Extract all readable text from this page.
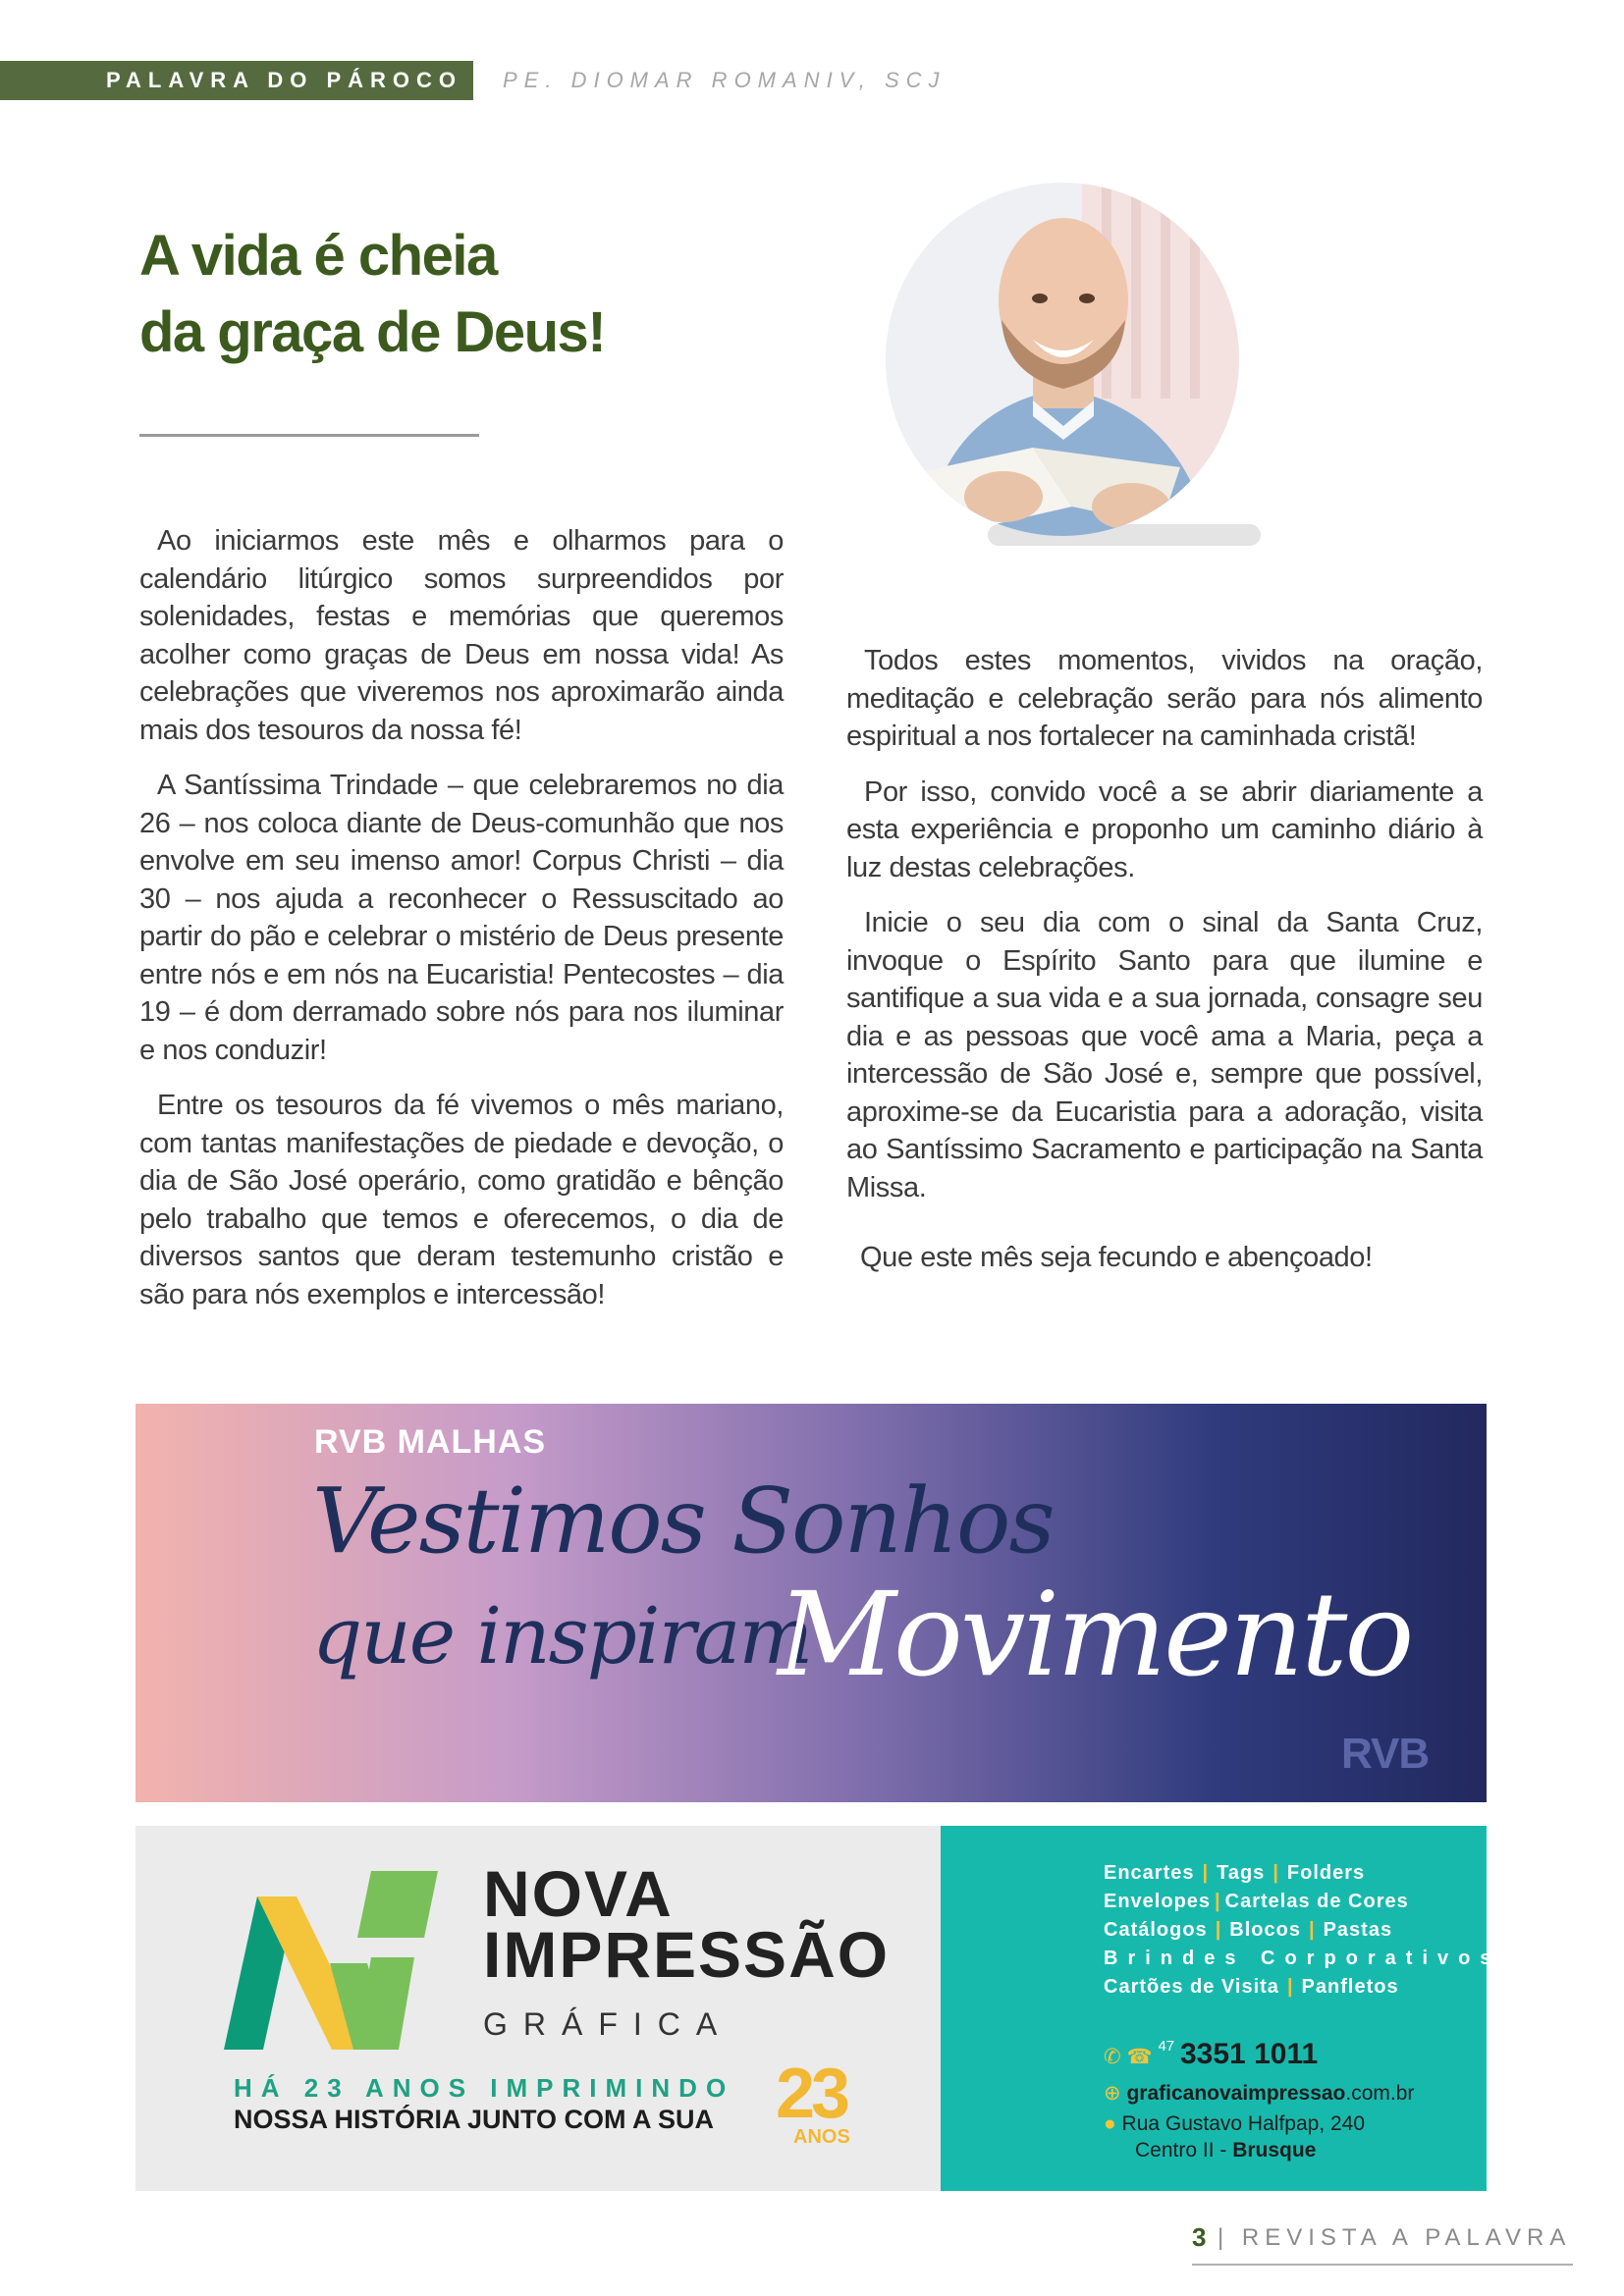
PALAVRA DO PÁROCO PE. DIOMAR ROMANIV, SCJ
A vida é cheia
da graça de Deus!

Ao iniciarmos este mês e olharmos para o calendário litúrgico somos surpreendidos por solenidades, festas e memórias que queremos acolher como graças de Deus em nossa vida! As celebrações que viveremos nos aproximarão ainda mais dos tesouros da nossa fé!

A Santíssima Trindade – que celebraremos no dia 26 – nos coloca diante de Deus-comunhão que nos envolve em seu imenso amor! Corpus Christi – dia 30 – nos ajuda a reconhecer o Ressuscitado ao partir do pão e celebrar o mistério de Deus presente entre nós e em nós na Eucaristia! Pentecostes – dia 19 – é dom derramado sobre nós para nos iluminar e nos conduzir!

Entre os tesouros da fé vivemos o mês mariano, com tantas manifestações de piedade e devoção, o dia de São José operário, como gratidão e bênção pelo trabalho que temos e oferecemos, o dia de diversos santos que deram testemunho cristão e são para nós exemplos e intercessão!

Todos estes momentos, vividos na oração, meditação e celebração serão para nós alimento espiritual a nos fortalecer na caminhada cristã!

Por isso, convido você a se abrir diariamente a esta experiência e proponho um caminho diário à luz destas celebrações.

Inicie o seu dia com o sinal da Santa Cruz, invoque o Espírito Santo para que ilumine e santifique a sua vida e a sua jornada, consagre seu dia e as pessoas que você ama a Maria, peça a intercessão de São José e, sempre que possível, aproxime-se da Eucaristia para a adoração, visita ao Santíssimo Sacramento e participação na Santa Missa.

Que este mês seja fecundo e abençoado!
RVB MALHAS
Vestimos Sonhos
que inspiram
Movimento
RVB
NOVA
IMPRESSÃO
GRÁFICA
HÁ 23 ANOS IMPRIMINDO
NOSSA HISTÓRIA JUNTO COM A SUA 23
ANOS
Encartes | Tags | Folders
Envelopes | Cartelas de Cores
Catálogos | Blocos | Pastas
Brindes Corporativos
Cartões de Visita | Panfletos
✆ ☎ $^{47}$ 3351 1011
⊕ graficanovaimpressao.com.br
● Rua Gustavo Halfpap, 240
Centro II - Brusque
3 | REVISTA A PALAVRA
